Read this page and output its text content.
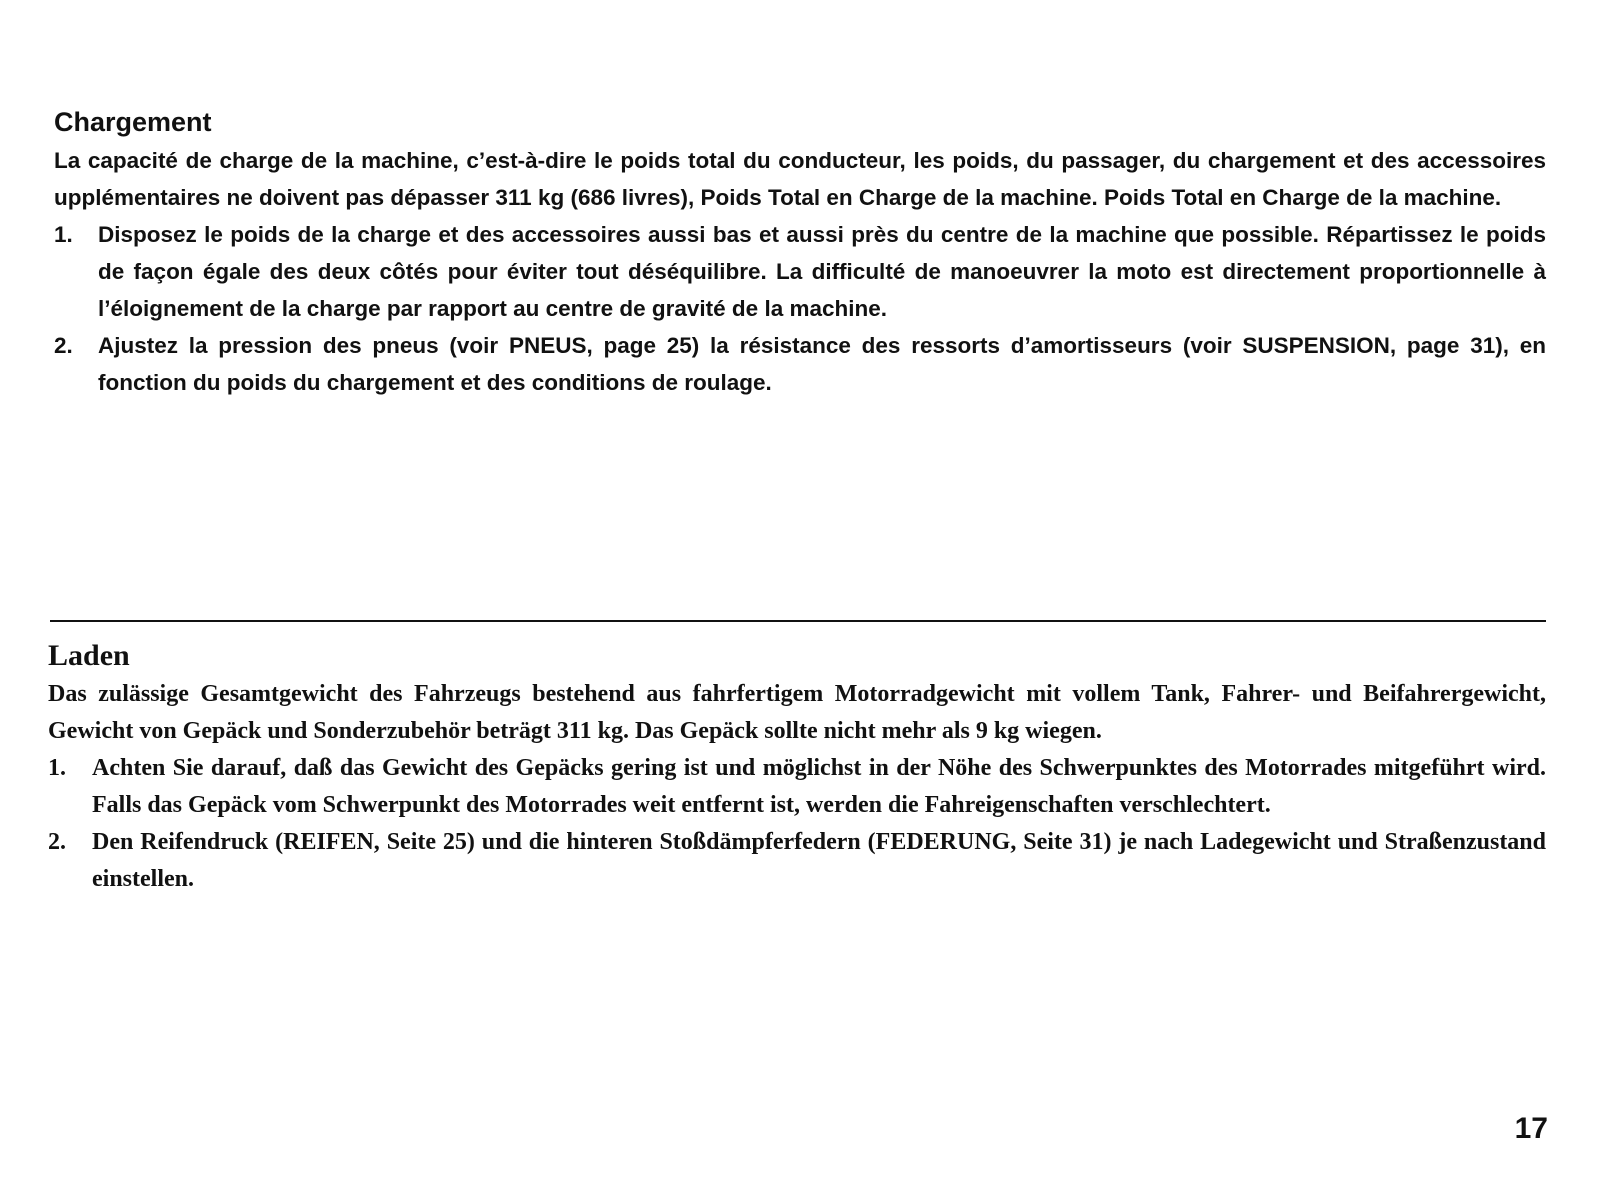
Chargement

La capacité de charge de la machine, c’est-à-dire le poids total du conducteur, les poids, du passager, du chargement et des accessoires upplémentaires ne doivent pas dépasser 311 kg (686 livres), Poids Total en Charge de la machine. Poids Total en Charge de la machine.

1. Disposez le poids de la charge et des accessoires aussi bas et aussi près du centre de la machine que possible. Répartissez le poids de façon égale des deux côtés pour éviter tout déséquilibre. La difficulté de manoeuvrer la moto est directement proportionnelle à l’éloignement de la charge par rapport au centre de gravité de la machine.
2. Ajustez la pression des pneus (voir PNEUS, page 25) la résistance des ressorts d’amortisseurs (voir SUSPENSION, page 31), en fonction du poids du chargement et des conditions de roulage.
Laden

Das zulässige Gesamtgewicht des Fahrzeugs bestehend aus fahrfertigem Motorradgewicht mit vollem Tank, Fahrer- und Beifahrergewicht, Gewicht von Gepäck und Sonderzubehör beträgt 311 kg. Das Gepäck sollte nicht mehr als 9 kg wiegen.

1. Achten Sie darauf, daß das Gewicht des Gepäcks gering ist und möglichst in der Nöhe des Schwerpunktes des Motorrades mitgeführt wird. Falls das Gepäck vom Schwerpunkt des Motorrades weit entfernt ist, werden die Fahreigenschaften verschlechtert.
2. Den Reifendruck (REIFEN, Seite 25) und die hinteren Stoßdämpferfedern (FEDERUNG, Seite 31) je nach Ladegewicht und Straßenzustand einstellen.
17
